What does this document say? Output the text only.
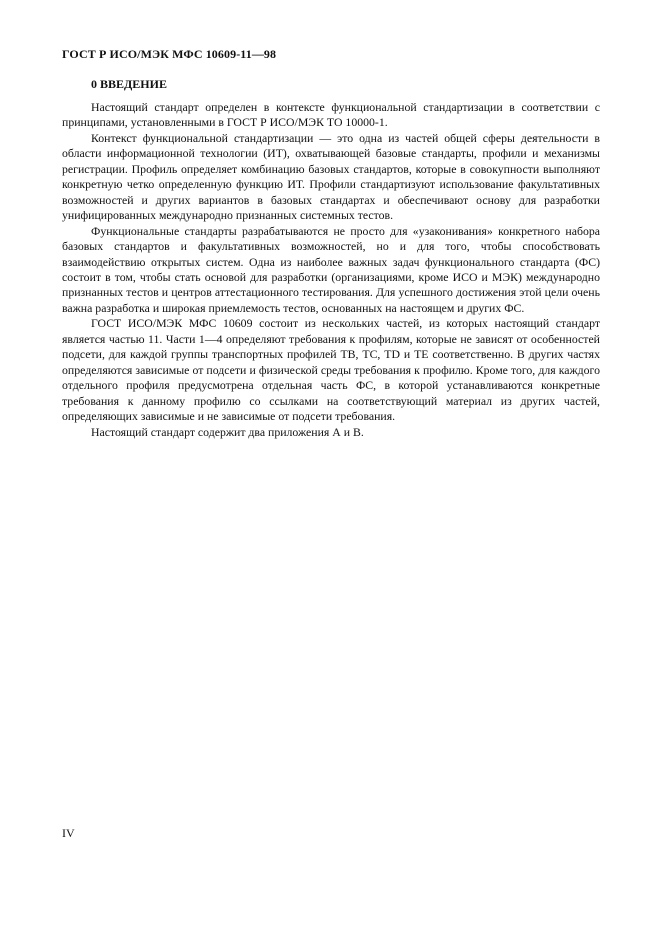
ГОСТ Р ИСО/МЭК МФС 10609-11—98
0 ВВЕДЕНИЕ

Настоящий стандарт определен в контексте функциональной стандартизации в соответствии с принципами, установленными в ГОСТ Р ИСО/МЭК ТО 10000-1.

Контекст функциональной стандартизации — это одна из частей общей сферы деятельности в области информационной технологии (ИТ), охватывающей базовые стандарты, профили и механизмы регистрации. Профиль определяет комбинацию базовых стандартов, которые в совокупности выполняют конкретную четко определенную функцию ИТ. Профили стандартизуют использование факультативных возможностей и других вариантов в базовых стандартах и обеспечивают основу для разработки унифицированных международно признанных системных тестов.

Функциональные стандарты разрабатываются не просто для «узаконивания» конкретного набора базовых стандартов и факультативных возможностей, но и для того, чтобы способствовать взаимодействию открытых систем. Одна из наиболее важных задач функционального стандарта (ФС) состоит в том, чтобы стать основой для разработки (организациями, кроме ИСО и МЭК) международно признанных тестов и центров аттестационного тестирования. Для успешного достижения этой цели очень важна разработка и широкая приемлемость тестов, основанных на настоящем и других ФС.

ГОСТ ИСО/МЭК МФС 10609 состоит из нескольких частей, из которых настоящий стандарт является частью 11. Части 1—4 определяют требования к профилям, которые не зависят от особенностей подсети, для каждой группы транспортных профилей ТВ, ТС, TD и ТЕ соответственно. В других частях определяются зависимые от подсети и физической среды требования к профилю. Кроме того, для каждого отдельного профиля предусмотрена отдельная часть ФС, в которой устанавливаются конкретные требования к данному профилю со ссылками на соответствующий материал из других частей, определяющих зависимые и не зависимые от подсети требования.

Настоящий стандарт содержит два приложения А и В.

IV
